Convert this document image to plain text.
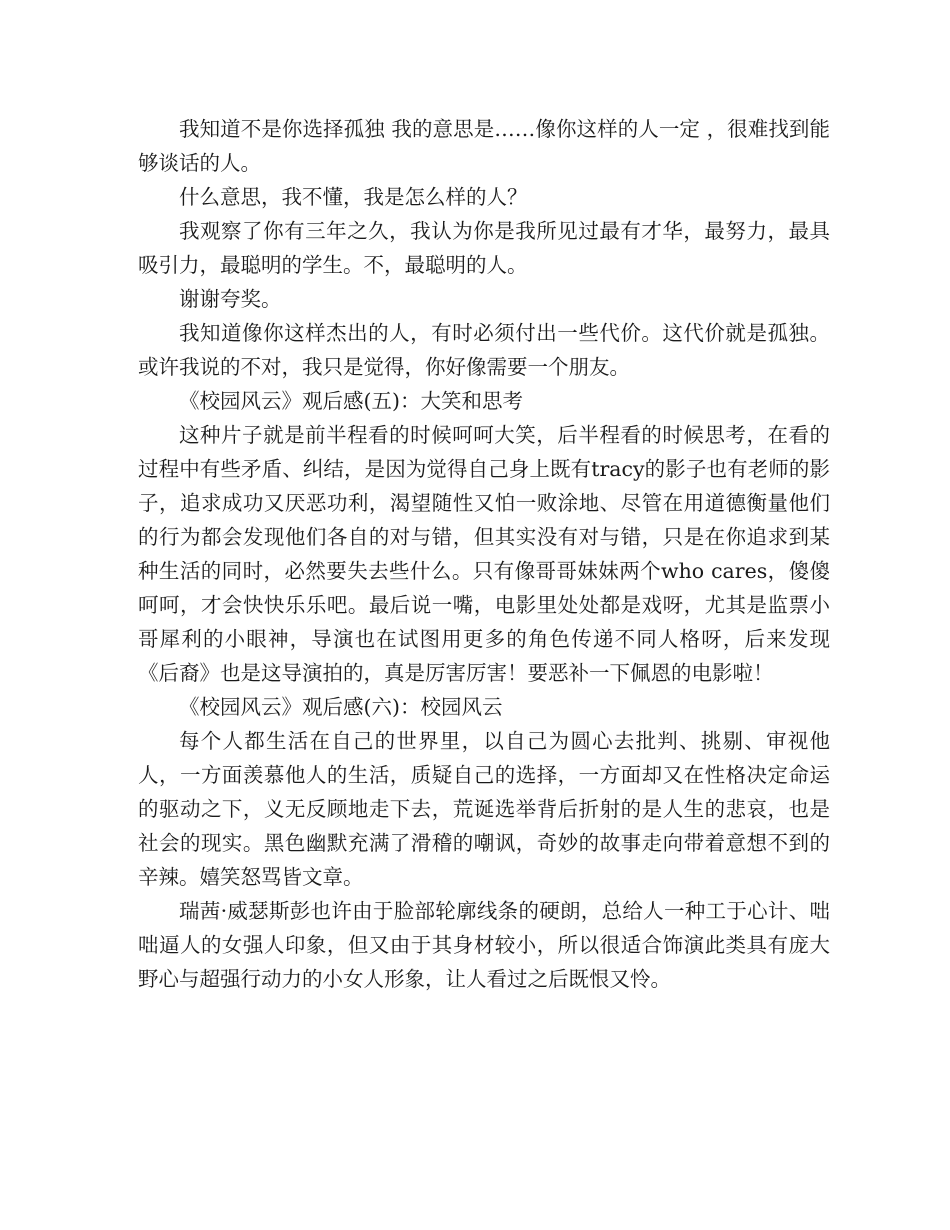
我知道不是你选择孤独 我的意思是……像你这样的人一定 ，很难找到能够谈话的人。

什么意思，我不懂，我是怎么样的人？

我观察了你有三年之久，我认为你是我所见过最有才华，最努力，最具吸引力，最聪明的学生。不，最聪明的人。

谢谢夸奖。

我知道像你这样杰出的人，有时必须付出一些代价。这代价就是孤独。或许我说的不对，我只是觉得，你好像需要一个朋友。

《校园风云》观后感(五)：大笑和思考

这种片子就是前半程看的时候呵呵大笑，后半程看的时候思考，在看的过程中有些矛盾、纠结，是因为觉得自己身上既有tracy的影子也有老师的影子，追求成功又厌恶功利，渴望随性又怕一败涂地、尽管在用道德衡量他们的行为都会发现他们各自的对与错，但其实没有对与错，只是在你追求到某种生活的同时，必然要失去些什么。只有像哥哥妹妹两个who cares，傻傻呵呵，才会快快乐乐吧。最后说一嘴，电影里处处都是戏呀，尤其是监票小哥犀利的小眼神，导演也在试图用更多的角色传递不同人格呀，后来发现《后裔》也是这导演拍的，真是厉害厉害！要恶补一下佩恩的电影啦！

《校园风云》观后感(六)：校园风云

每个人都生活在自己的世界里，以自己为圆心去批判、挑剔、审视他人，一方面羡慕他人的生活，质疑自己的选择，一方面却又在性格决定命运的驱动之下，义无反顾地走下去，荒诞选举背后折射的是人生的悲哀，也是社会的现实。黑色幽默充满了滑稽的嘲讽，奇妙的故事走向带着意想不到的辛辣。嬉笑怒骂皆文章。

瑞茜·威瑟斯彭也许由于脸部轮廓线条的硬朗，总给人一种工于心计、咄咄逼人的女强人印象，但又由于其身材较小，所以很适合饰演此类具有庞大野心与超强行动力的小女人形象，让人看过之后既恨又怜。
